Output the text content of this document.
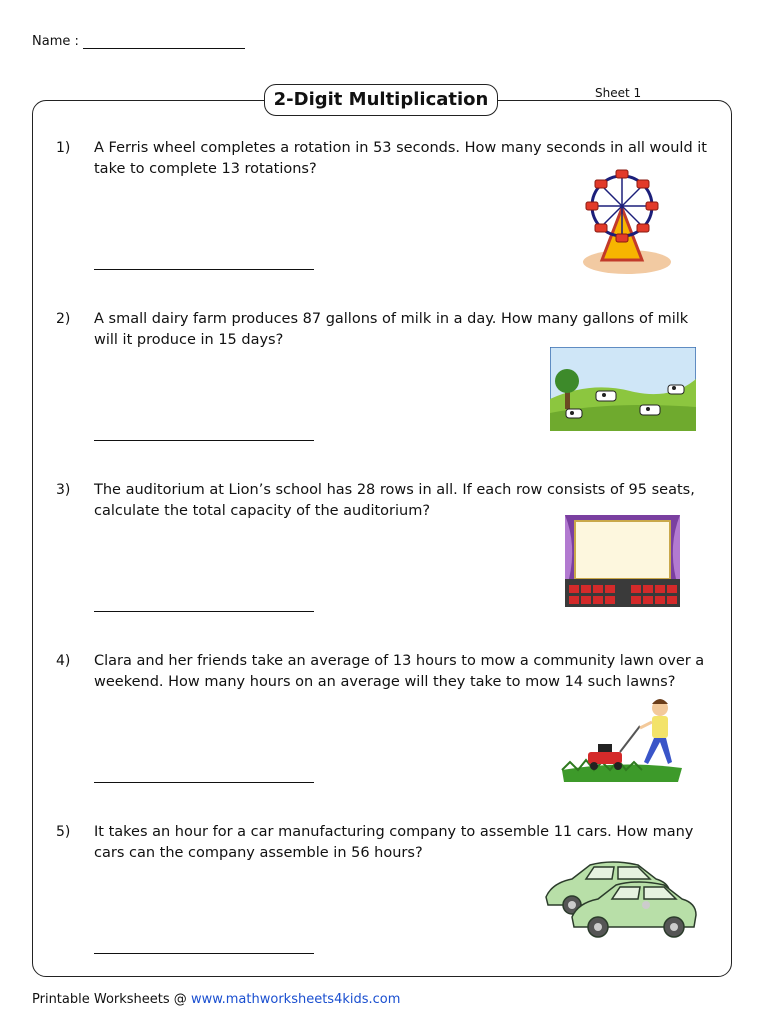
Name :
2-Digit Multiplication	Sheet 1
1) A Ferris wheel completes a rotation in 53 seconds. How many seconds in all would it take to complete 13 rotations?
2) A small dairy farm produces 87 gallons of milk in a day. How many gallons of milk will it produce in 15 days?
3) The auditorium at Lion’s school has 28 rows in all. If each row consists of 95 seats, calculate the total capacity of the auditorium?
4) Clara and her friends take an average of 13 hours to mow a community lawn over a weekend. How many hours on an average will they take to mow 14 such lawns?
5) It takes an hour for a car manufacturing company to assemble 11 cars. How many cars can the company assemble in 56 hours?
Printable Worksheets @ www.mathworksheets4kids.com
